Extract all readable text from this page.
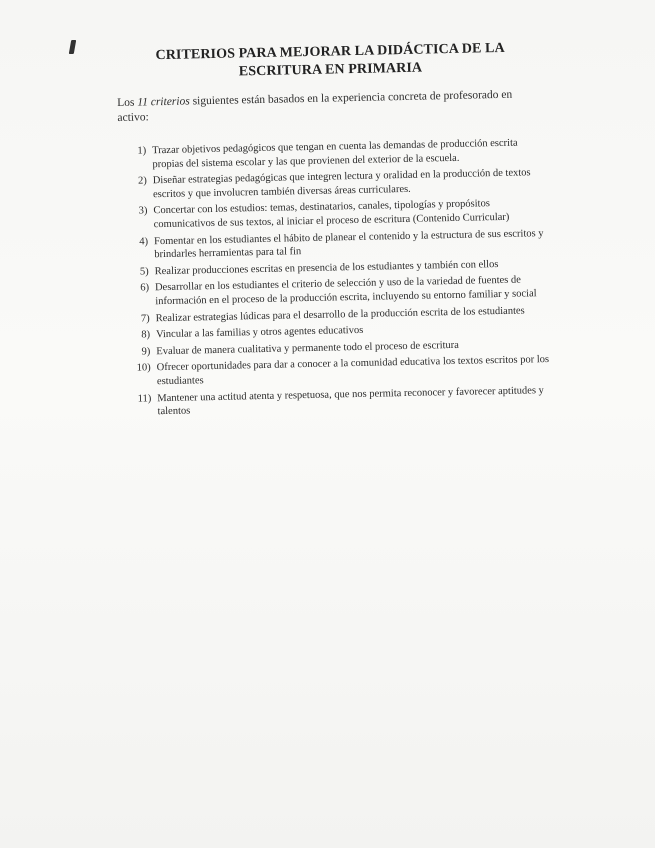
CRITERIOS PARA MEJORAR LA DIDÁCTICA DE LA ESCRITURA EN PRIMARIA

Los 11 criterios siguientes están basados en la experiencia concreta de profesorado en activo:

1) Trazar objetivos pedagógicos que tengan en cuenta las demandas de producción escrita propias del sistema escolar y las que provienen del exterior de la escuela.
2) Diseñar estrategias pedagógicas que integren lectura y oralidad en la producción de textos escritos y que involucren también diversas áreas curriculares.
3) Concertar con los estudios: temas, destinatarios, canales, tipologías y propósitos comunicativos de sus textos, al iniciar el proceso de escritura (Contenido Curricular)
4) Fomentar en los estudiantes el hábito de planear el contenido y la estructura de sus escritos y brindarles herramientas para tal fin
5) Realizar producciones escritas en presencia de los estudiantes y también con ellos
6) Desarrollar en los estudiantes el criterio de selección y uso de la variedad de fuentes de información en el proceso de la producción escrita, incluyendo su entorno familiar y social
7) Realizar estrategias lúdicas para el desarrollo de la producción escrita de los estudiantes
8) Vincular a las familias y otros agentes educativos
9) Evaluar de manera cualitativa y permanente todo el proceso de escritura
10) Ofrecer oportunidades para dar a conocer a la comunidad educativa los textos escritos por los estudiantes
11) Mantener una actitud atenta y respetuosa, que nos permita reconocer y favorecer aptitudes y talentos
